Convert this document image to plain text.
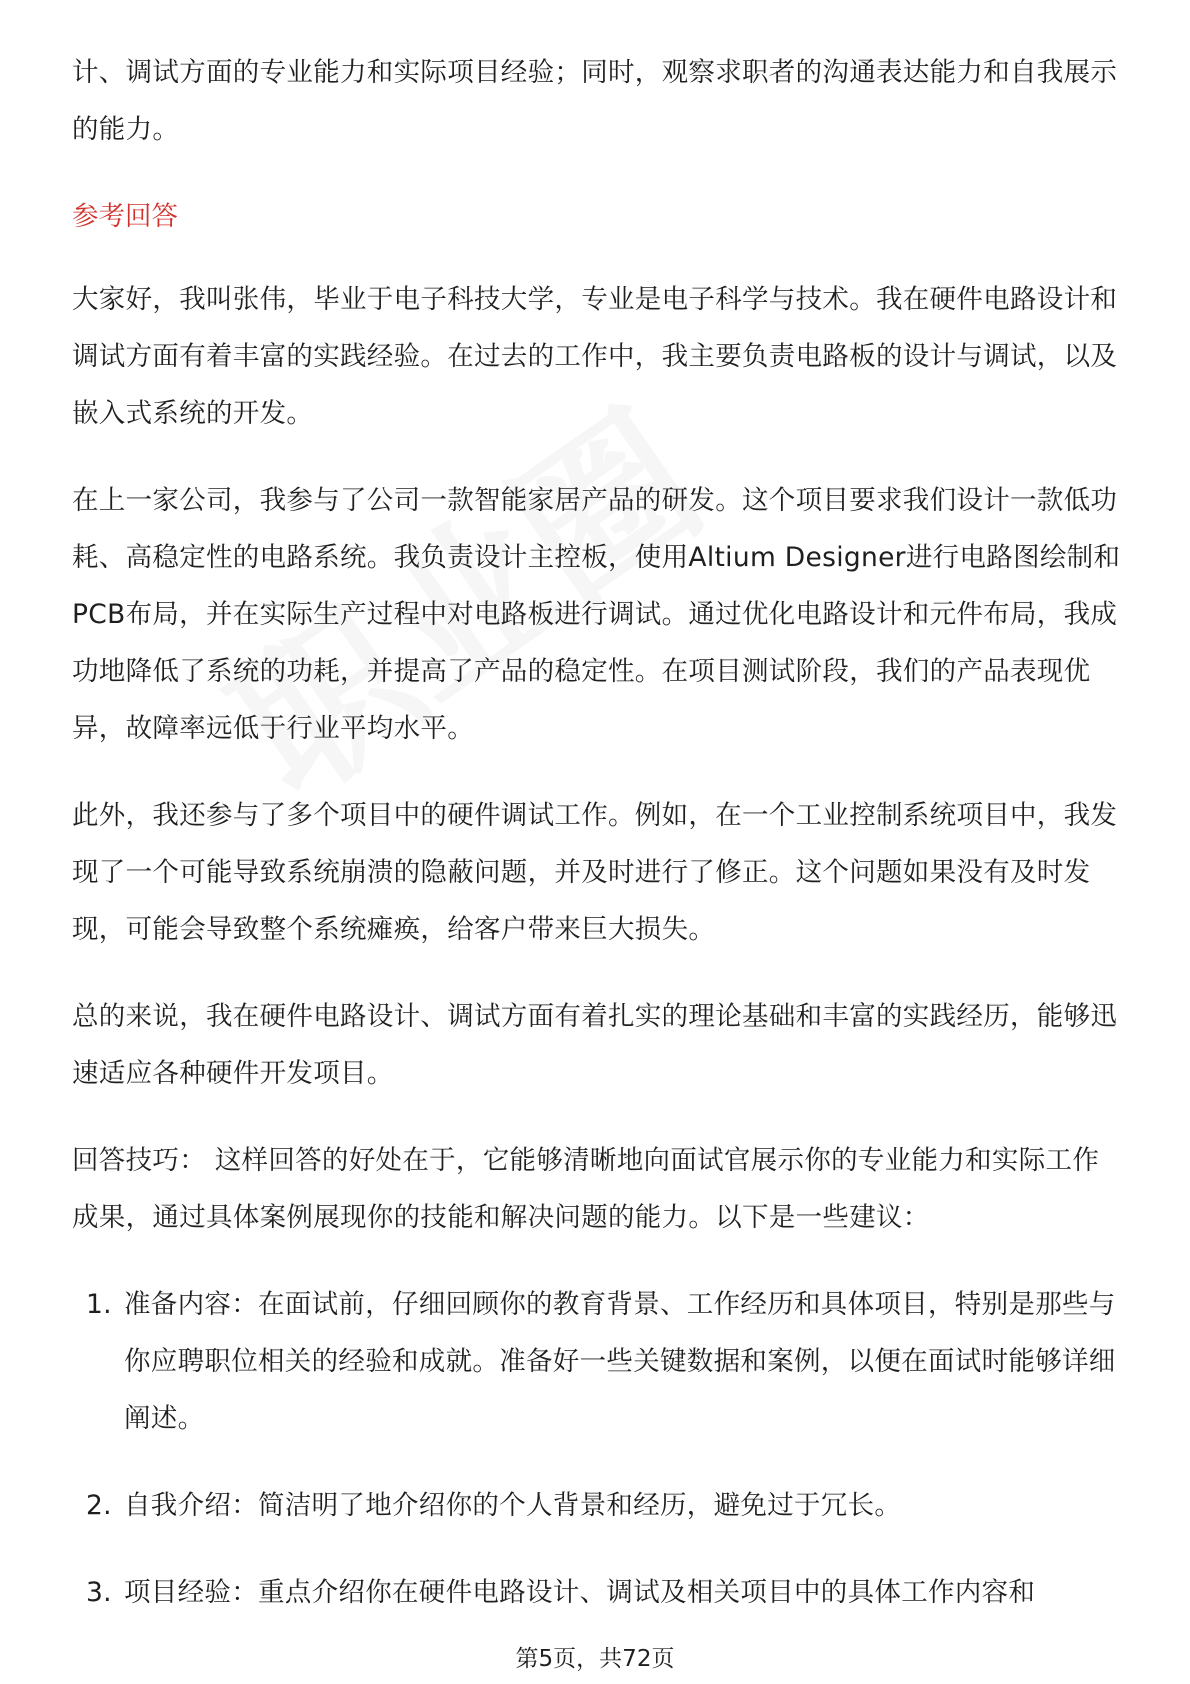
计、调试方面的专业能力和实际项目经验；同时，观察求职者的沟通表达能力和自我展示的能力。

参考回答

大家好，我叫张伟，毕业于电子科技大学，专业是电子科学与技术。我在硬件电路设计和调试方面有着丰富的实践经验。在过去的工作中，我主要负责电路板的设计与调试，以及嵌入式系统的开发。

在上一家公司，我参与了公司一款智能家居产品的研发。这个项目要求我们设计一款低功耗、高稳定性的电路系统。我负责设计主控板，使用Altium Designer进行电路图绘制和PCB布局，并在实际生产过程中对电路板进行调试。通过优化电路设计和元件布局，我成功地降低了系统的功耗，并提高了产品的稳定性。在项目测试阶段，我们的产品表现优异，故障率远低于行业平均水平。

此外，我还参与了多个项目中的硬件调试工作。例如，在一个工业控制系统项目中，我发现了一个可能导致系统崩溃的隐蔽问题，并及时进行了修正。这个问题如果没有及时发现，可能会导致整个系统瘫痪，给客户带来巨大损失。

总的来说，我在硬件电路设计、调试方面有着扎实的理论基础和丰富的实践经历，能够迅速适应各种硬件开发项目。

回答技巧： 这样回答的好处在于，它能够清晰地向面试官展示你的专业能力和实际工作成果，通过具体案例展现你的技能和解决问题的能力。以下是一些建议：

1. 准备内容：在面试前，仔细回顾你的教育背景、工作经历和具体项目，特别是那些与你应聘职位相关的经验和成就。准备好一些关键数据和案例，以便在面试时能够详细阐述。
2. 自我介绍：简洁明了地介绍你的个人背景和经历，避免过于冗长。
3. 项目经验：重点介绍你在硬件电路设计、调试及相关项目中的具体工作内容和
第5页，共72页
